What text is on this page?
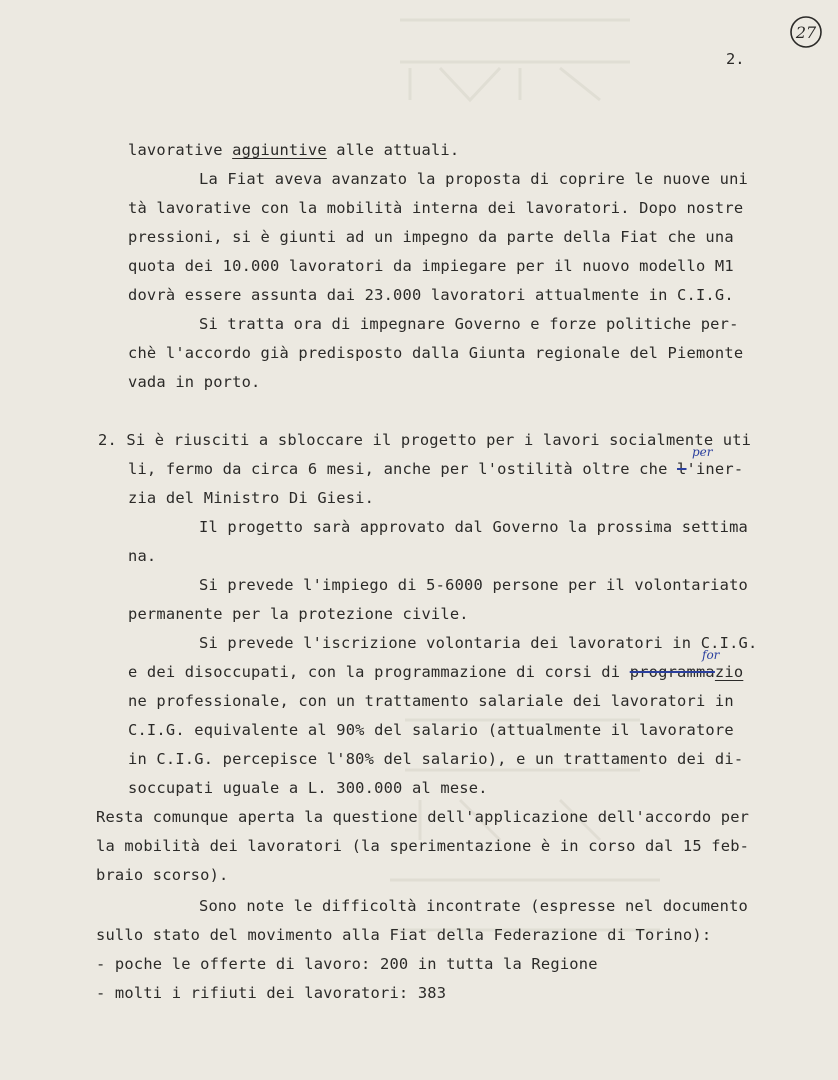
27
2.
lavorative aggiuntive alle attuali.
La Fiat aveva avanzato la proposta di coprire le nuove uni
tà lavorative con la mobilità interna dei lavoratori. Dopo nostre
pressioni, si è giunti ad un impegno da parte della Fiat che una
quota dei 10.000 lavoratori da impiegare per il nuovo modello M1
dovrà essere assunta dai 23.000 lavoratori attualmente in C.I.G.
Si tratta ora di impegnare Governo e forze politiche per-
chè l'accordo già predisposto dalla Giunta regionale del Piemonte
vada in porto.
2. Si è riusciti a sbloccare il progetto per i lavori socialmente uti
li, fermo da circa 6 mesi, anche per l'ostilità oltre che l'iner-
per
zia del Ministro Di Giesi.
Il progetto sarà approvato dal Governo la prossima settima
na.
Si prevede l'impiego di 5-6000 persone per il volontariato
permanente per la protezione civile.
Si prevede l'iscrizione volontaria dei lavoratori in C.I.G.
e dei disoccupati, con la programmazione di corsi di programmazio
for
ne professionale, con un trattamento salariale dei lavoratori in
C.I.G. equivalente al 90% del salario (attualmente il lavoratore
in C.I.G. percepisce l'80% del salario), e un trattamento dei di-
soccupati uguale a L. 300.000 al mese.
Resta comunque aperta la questione dell'applicazione dell'accordo per
la mobilità dei lavoratori (la sperimentazione è in corso dal 15 feb-
braio scorso).
Sono note le difficoltà incontrate (espresse nel documento
sullo stato del movimento alla Fiat della Federazione di Torino):
- poche le offerte di lavoro: 200 in tutta la Regione
- molti i rifiuti dei lavoratori: 383
